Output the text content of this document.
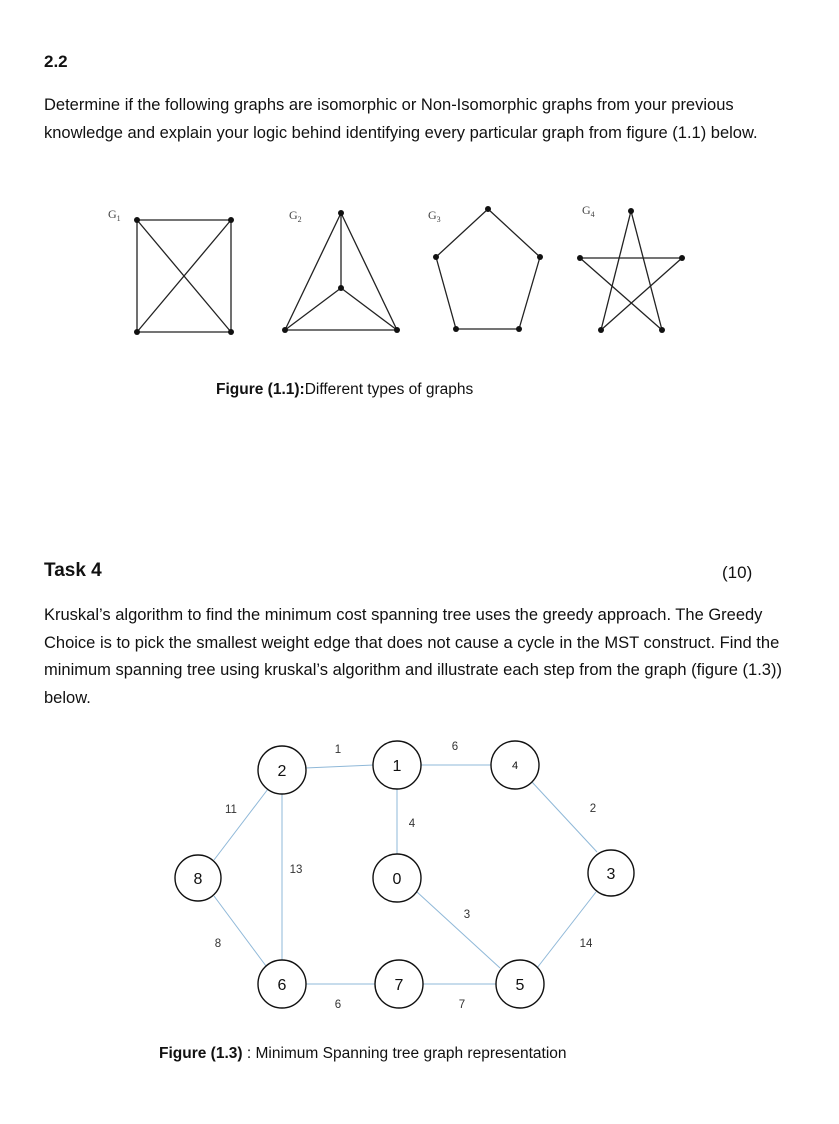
2.2

Determine if the following graphs are isomorphic or Non-Isomorphic graphs from your previous knowledge and explain your logic behind identifying every particular graph from figure (1.1) below.

$G_1$	$G_2$	$G_3$
$G_4$
Figure (1.1):Different types of graphs
Task 4	(10)

Kruskal’s algorithm to find the minimum cost spanning tree uses the greedy approach. The Greedy Choice is to pick the smallest weight edge that does not cause a cycle in the MST construct. Find the minimum spanning tree using kruskal’s algorithm and illustrate each step from the graph (figure (1.3)) below.

1	6
2
4
11
13
3
8	14
6	7
2	1	4
8	0	3
6	7	5
Figure (1.3) : Minimum Spanning tree graph representation
